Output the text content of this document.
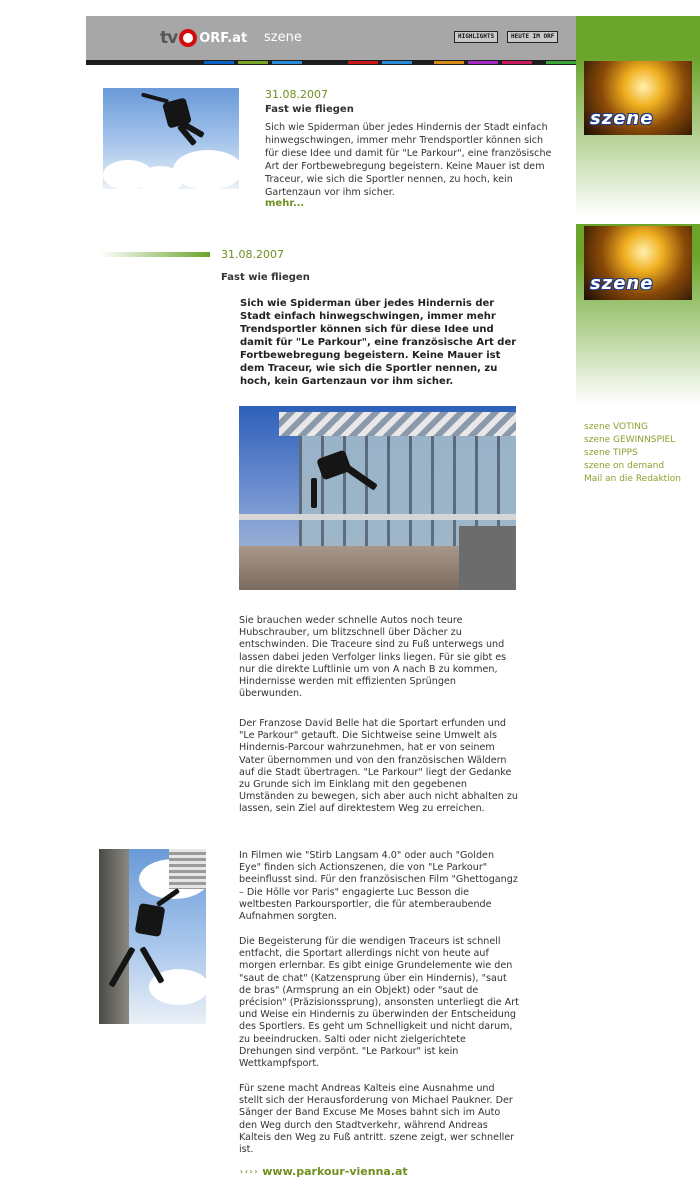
tv ORF.at szene	HIGHLIGHTS	HEUTE IM ORF
szene
szene
szene VOTING
szene GEWINNSPIEL
szene TIPPS
szene on demand
Mail an die Redaktion
31.08.2007
Fast wie fliegen
Sich wie Spiderman über jedes Hindernis der Stadt einfach hinwegschwingen, immer mehr Trendsportler können sich für diese Idee und damit für "Le Parkour", eine französische Art der Fortbewebregung begeistern. Keine Mauer ist dem Traceur, wie sich die Sportler nennen, zu hoch, kein Gartenzaun vor ihm sicher.
mehr...
31.08.2007
Fast wie fliegen
Sich wie Spiderman über jedes Hindernis der Stadt einfach hinwegschwingen, immer mehr Trendsportler können sich für diese Idee und damit für "Le Parkour", eine französische Art der Fortbewebregung begeistern. Keine Mauer ist dem Traceur, wie sich die Sportler nennen, zu hoch, kein Gartenzaun vor ihm sicher.
Sie brauchen weder schnelle Autos noch teure Hubschrauber, um blitzschnell über Dächer zu entschwinden. Die Traceure sind zu Fuß unterwegs und lassen dabei jeden Verfolger links liegen. Für sie gibt es nur die direkte Luftlinie um von A nach B zu kommen, Hindernisse werden mit effizienten Sprüngen überwunden.
Der Franzose David Belle hat die Sportart erfunden und "Le Parkour" getauft. Die Sichtweise seine Umwelt als Hindernis-Parcour wahrzunehmen, hat er von seinem Vater übernommen und von den französischen Wäldern auf die Stadt übertragen. "Le Parkour" liegt der Gedanke zu Grunde sich im Einklang mit den gegebenen Umständen zu bewegen, sich aber auch nicht abhalten zu lassen, sein Ziel auf direktestem Weg zu erreichen.
In Filmen wie "Stirb Langsam 4.0" oder auch "Golden Eye" finden sich Actionszenen, die von "Le Parkour" beeinflusst sind. Für den französischen Film "Ghettogangz – Die Hölle vor Paris" engagierte Luc Besson die weltbesten Parkoursportler, die für atemberaubende Aufnahmen sorgten.
Die Begeisterung für die wendigen Traceurs ist schnell entfacht, die Sportart allerdings nicht von heute auf morgen erlernbar. Es gibt einige Grundelemente wie den "saut de chat" (Katzensprung über ein Hindernis), "saut de bras" (Armsprung an ein Objekt) oder "saut de précision" (Präzisionssprung), ansonsten unterliegt die Art und Weise ein Hindernis zu überwinden der Entscheidung des Sportlers. Es geht um Schnelligkeit und nicht darum, zu beeindrucken. Salti oder nicht zielgerichtete Drehungen sind verpönt. "Le Parkour" ist kein Wettkampfsport.
Für szene macht Andreas Kalteis eine Ausnahme und stellt sich der Herausforderung von Michael Paukner. Der Sänger der Band Excuse Me Moses bahnt sich im Auto den Weg durch den Stadtverkehr, während Andreas Kalteis den Weg zu Fuß antritt. szene zeigt, wer schneller ist.
›››› www.parkour-vienna.at
